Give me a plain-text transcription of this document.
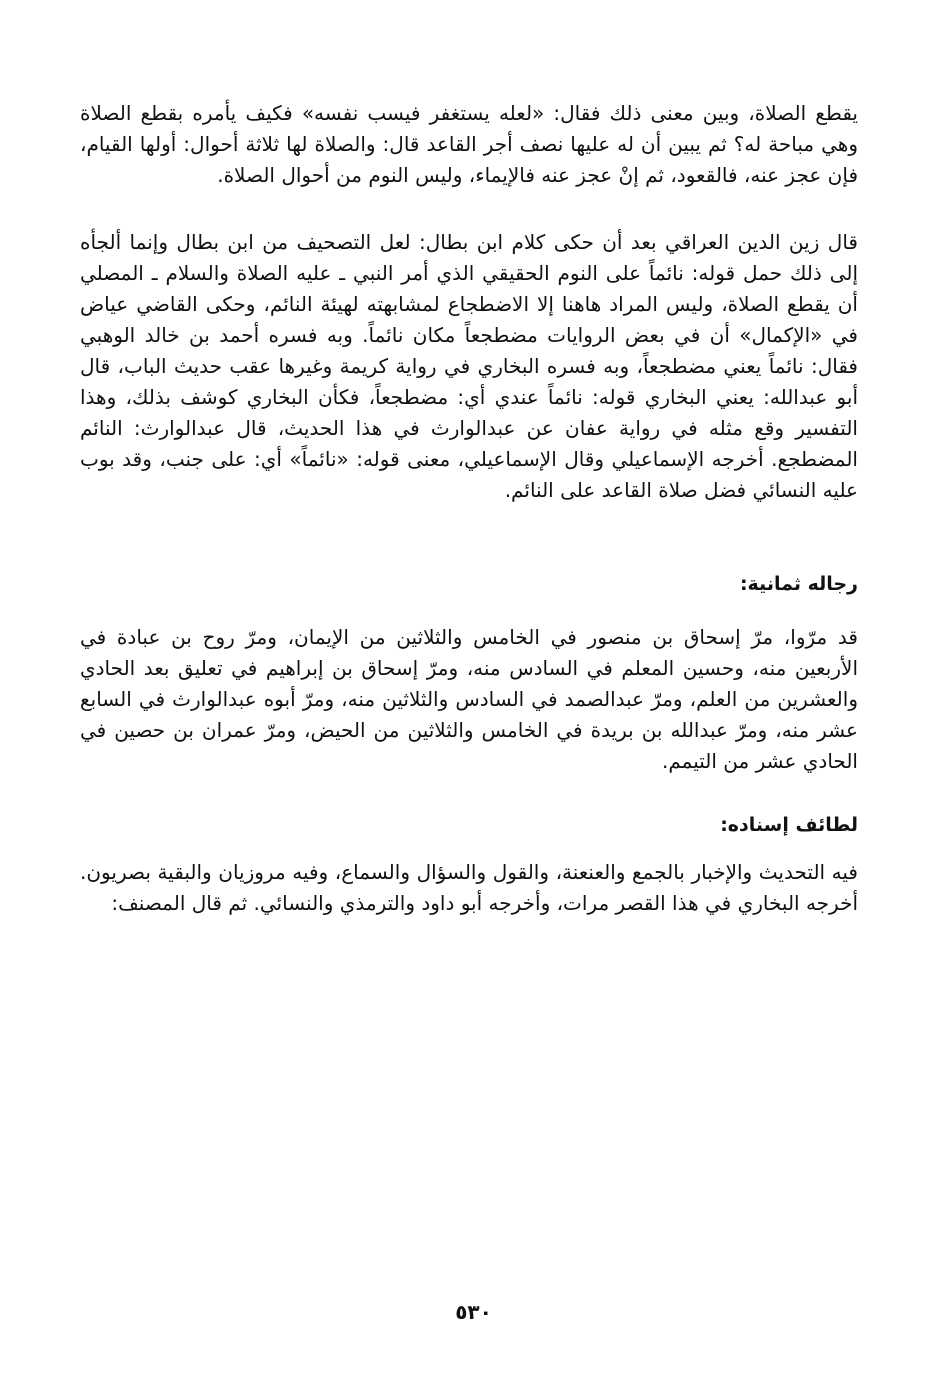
يقطع الصلاة، وبين معنى ذلك فقال: «لعله يستغفر فيسب نفسه» فكيف يأمره بقطع الصلاة وهي مباحة له؟ ثم يبين أن له عليها نصف أجر القاعد قال: والصلاة لها ثلاثة أحوال: أولها القيام، فإن عجز عنه، فالقعود، ثم إنْ عجز عنه فالإيماء، وليس النوم من أحوال الصلاة.

قال زين الدين العراقي بعد أن حكى كلام ابن بطال: لعل التصحيف من ابن بطال وإنما ألجأه إلى ذلك حمل قوله: نائماً على النوم الحقيقي الذي أمر النبي ـ عليه الصلاة والسلام ـ المصلي أن يقطع الصلاة، وليس المراد هاهنا إلا الاضطجاع لمشابهته لهيئة النائم، وحكى القاضي عياض في «الإكمال» أن في بعض الروايات مضطجعاً مكان نائماً. وبه فسره أحمد بن خالد الوهبي فقال: نائماً يعني مضطجعاً، وبه فسره البخاري في رواية كريمة وغيرها عقب حديث الباب، قال أبو عبدالله: يعني البخاري قوله: نائماً عندي أي: مضطجعاً، فكأن البخاري كوشف بذلك، وهذا التفسير وقع مثله في رواية عفان عن عبدالوارث في هذا الحديث، قال عبدالوارث: النائم المضطجع. أخرجه الإسماعيلي وقال الإسماعيلي، معنى قوله: «نائماً» أي: على جنب، وقد بوب عليه النسائي فضل صلاة القاعد على النائم.

رجاله ثمانية:

قد مرّوا، مرّ إسحاق بن منصور في الخامس والثلاثين من الإيمان، ومرّ روح بن عبادة في الأربعين منه، وحسين المعلم في السادس منه، ومرّ إسحاق بن إبراهيم في تعليق بعد الحادي والعشرين من العلم، ومرّ عبدالصمد في السادس والثلاثين منه، ومرّ أبوه عبدالوارث في السابع عشر منه، ومرّ عبدالله بن بريدة في الخامس والثلاثين من الحيض، ومرّ عمران بن حصين في الحادي عشر من التيمم.

لطائف إسناده:

فيه التحديث والإخبار بالجمع والعنعنة، والقول والسؤال والسماع، وفيه مروزيان والبقية بصريون. أخرجه البخاري في هذا القصر مرات، وأخرجه أبو داود والترمذي والنسائي. ثم قال المصنف:

٥٣٠
